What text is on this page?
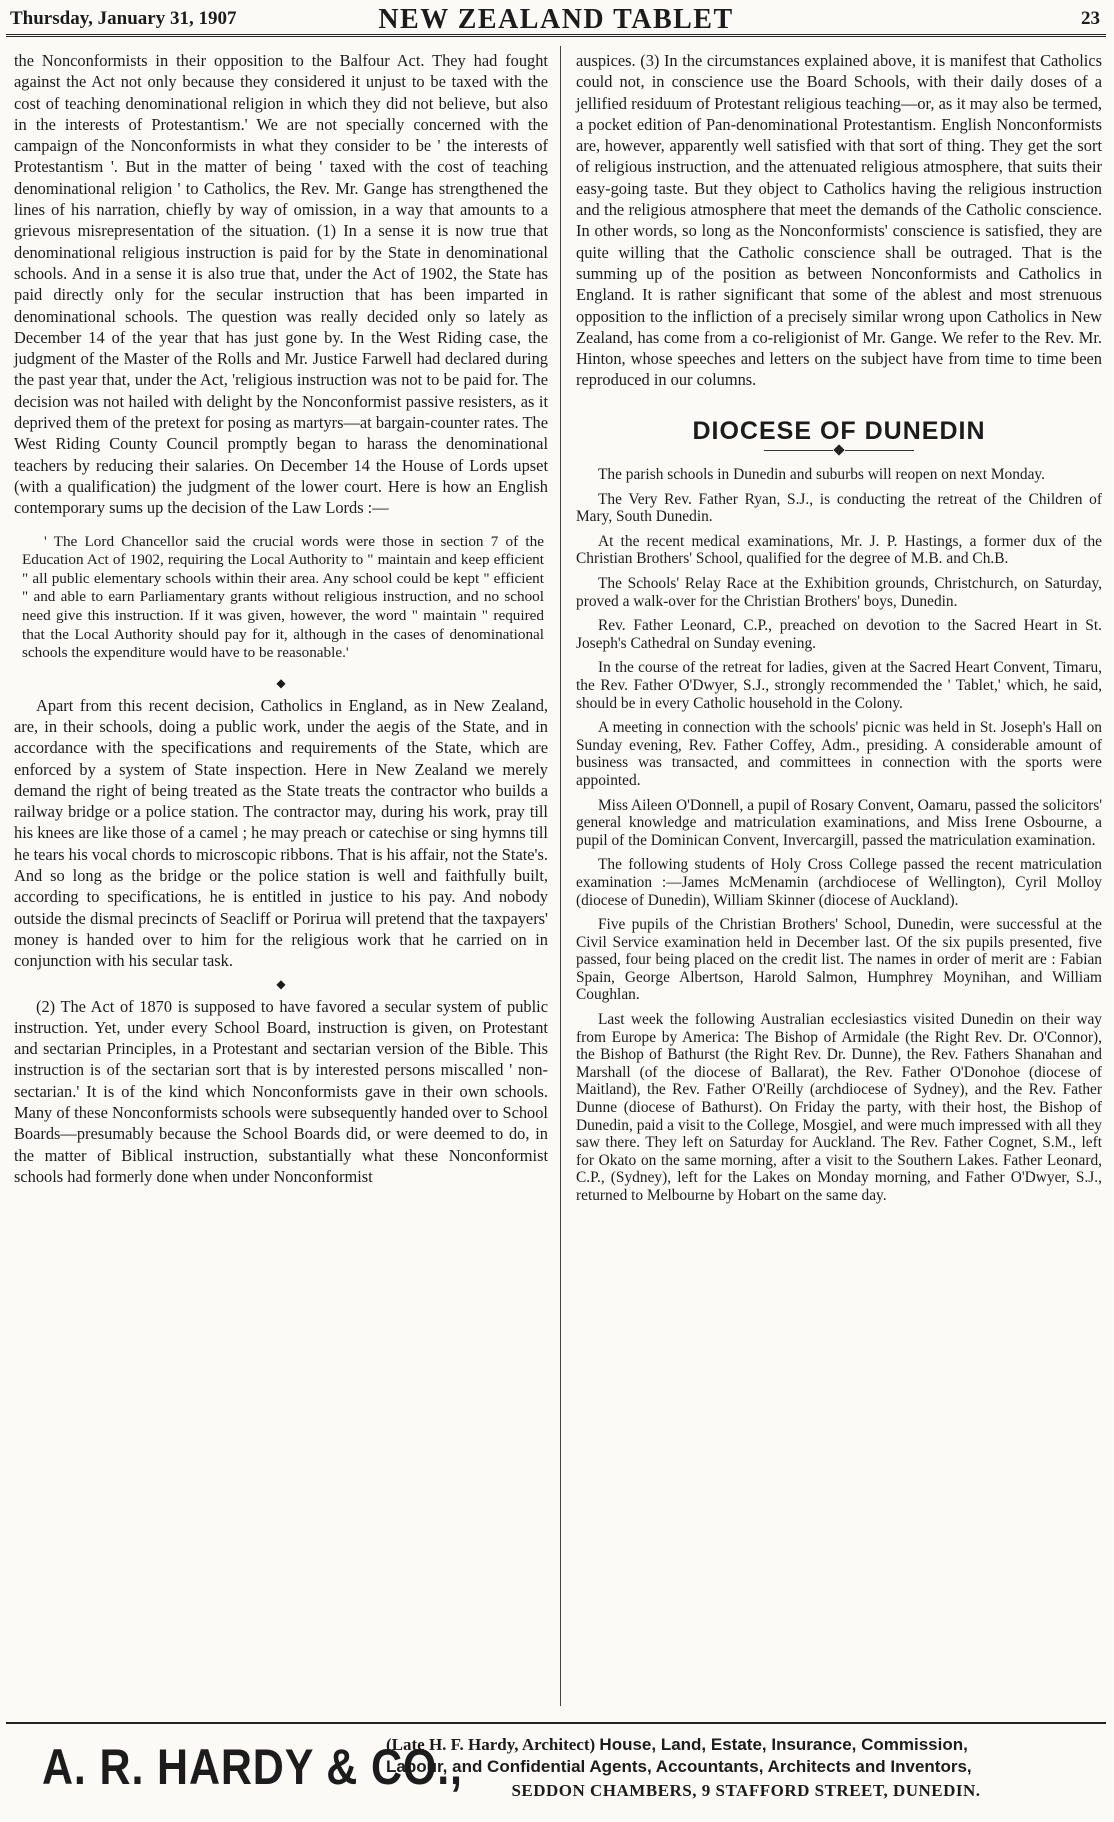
Thursday, January 31, 1907	NEW ZEALAND TABLET	23

the Nonconformists in their opposition to the Balfour Act. They had fought against the Act not only because they considered it unjust to be taxed with the cost of teaching denominational religion in which they did not believe, but also in the interests of Protestantism.' We are not specially concerned with the campaign of the Nonconformists in what they consider to be ' the interests of Protestantism '. But in the matter of being ' taxed with the cost of teaching denominational religion ' to Catholics, the Rev. Mr. Gange has strengthened the lines of his narration, chiefly by way of omission, in a way that amounts to a grievous misrepresentation of the situation. (1) In a sense it is now true that denominational religious instruction is paid for by the State in denominational schools. And in a sense it is also true that, under the Act of 1902, the State has paid directly only for the secular instruction that has been imparted in denominational schools. The question was really decided only so lately as December 14 of the year that has just gone by. In the West Riding case, the judgment of the Master of the Rolls and Mr. Justice Farwell had declared during the past year that, under the Act, 'religious instruction was not to be paid for. The decision was not hailed with delight by the Nonconformist passive resisters, as it deprived them of the pretext for posing as martyrs—at bargain-counter rates. The West Riding County Council promptly began to harass the denominational teachers by reducing their salaries. On December 14 the House of Lords upset (with a qualification) the judgment of the lower court. Here is how an English contemporary sums up the decision of the Law Lords :—

' The Lord Chancellor said the crucial words were those in section 7 of the Education Act of 1902, requiring the Local Authority to " maintain and keep efficient " all public elementary schools within their area. Any school could be kept " efficient " and able to earn Parliamentary grants without religious instruction, and no school need give this instruction. If it was given, however, the word " maintain " required that the Local Authority should pay for it, although in the cases of denominational schools the expenditure would have to be reasonable.'

◆

Apart from this recent decision, Catholics in England, as in New Zealand, are, in their schools, doing a public work, under the aegis of the State, and in accordance with the specifications and requirements of the State, which are enforced by a system of State inspection. Here in New Zealand we merely demand the right of being treated as the State treats the contractor who builds a railway bridge or a police station. The contractor may, during his work, pray till his knees are like those of a camel ; he may preach or catechise or sing hymns till he tears his vocal chords to microscopic ribbons. That is his affair, not the State's. And so long as the bridge or the police station is well and faithfully built, according to specifications, he is entitled in justice to his pay. And nobody outside the dismal precincts of Seacliff or Porirua will pretend that the taxpayers' money is handed over to him for the religious work that he carried on in conjunction with his secular task.

◆

(2) The Act of 1870 is supposed to have favored a secular system of public instruction. Yet, under every School Board, instruction is given, on Protestant and sectarian Principles, in a Protestant and sectarian version of the Bible. This instruction is of the sectarian sort that is by interested persons miscalled ' non-sectarian.' It is of the kind which Nonconformists gave in their own schools. Many of these Nonconformists schools were subsequently handed over to School Boards—presumably because the School Boards did, or were deemed to do, in the matter of Biblical instruction, substantially what these Nonconformist schools had formerly done when under Nonconformist

auspices. (3) In the circumstances explained above, it is manifest that Catholics could not, in conscience use the Board Schools, with their daily doses of a jellified residuum of Protestant religious teaching—or, as it may also be termed, a pocket edition of Pan-denominational Protestantism. English Nonconformists are, however, apparently well satisfied with that sort of thing. They get the sort of religious instruction, and the attenuated religious atmosphere, that suits their easy-going taste. But they object to Catholics having the religious instruction and the religious atmosphere that meet the demands of the Catholic conscience. In other words, so long as the Nonconformists' conscience is satisfied, they are quite willing that the Catholic conscience shall be outraged. That is the summing up of the position as between Nonconformists and Catholics in England. It is rather significant that some of the ablest and most strenuous opposition to the infliction of a precisely similar wrong upon Catholics in New Zealand, has come from a co-religionist of Mr. Gange. We refer to the Rev. Mr. Hinton, whose speeches and letters on the subject have from time to time been reproduced in our columns.

DIOCESE OF DUNEDIN

The parish schools in Dunedin and suburbs will reopen on next Monday.

The Very Rev. Father Ryan, S.J., is conducting the retreat of the Children of Mary, South Dunedin.

At the recent medical examinations, Mr. J. P. Hastings, a former dux of the Christian Brothers' School, qualified for the degree of M.B. and Ch.B.

The Schools' Relay Race at the Exhibition grounds, Christchurch, on Saturday, proved a walk-over for the Christian Brothers' boys, Dunedin.

Rev. Father Leonard, C.P., preached on devotion to the Sacred Heart in St. Joseph's Cathedral on Sunday evening.

In the course of the retreat for ladies, given at the Sacred Heart Convent, Timaru, the Rev. Father O'Dwyer, S.J., strongly recommended the ' Tablet,' which, he said, should be in every Catholic household in the Colony.

A meeting in connection with the schools' picnic was held in St. Joseph's Hall on Sunday evening, Rev. Father Coffey, Adm., presiding. A considerable amount of business was transacted, and committees in connection with the sports were appointed.

Miss Aileen O'Donnell, a pupil of Rosary Convent, Oamaru, passed the solicitors' general knowledge and matriculation examinations, and Miss Irene Osbourne, a pupil of the Dominican Convent, Invercargill, passed the matriculation examination.

The following students of Holy Cross College passed the recent matriculation examination :—James McMenamin (archdiocese of Wellington), Cyril Molloy (diocese of Dunedin), William Skinner (diocese of Auckland).

Five pupils of the Christian Brothers' School, Dunedin, were successful at the Civil Service examination held in December last. Of the six pupils presented, five passed, four being placed on the credit list. The names in order of merit are : Fabian Spain, George Albertson, Harold Salmon, Humphrey Moynihan, and William Coughlan.

Last week the following Australian ecclesiastics visited Dunedin on their way from Europe by America: The Bishop of Armidale (the Right Rev. Dr. O'Connor), the Bishop of Bathurst (the Right Rev. Dr. Dunne), the Rev. Fathers Shanahan and Marshall (of the diocese of Ballarat), the Rev. Father O'Donohoe (diocese of Maitland), the Rev. Father O'Reilly (archdiocese of Sydney), and the Rev. Father Dunne (diocese of Bathurst). On Friday the party, with their host, the Bishop of Dunedin, paid a visit to the College, Mosgiel, and were much impressed with all they saw there. They left on Saturday for Auckland. The Rev. Father Cognet, S.M., left for Okato on the same morning, after a visit to the Southern Lakes. Father Leonard, C.P., (Sydney), left for the Lakes on Monday morning, and Father O'Dwyer, S.J., returned to Melbourne by Hobart on the same day.

A. R. HARDY & CO.,
(Late H. F. Hardy, Architect) House, Land, Estate, Insurance, Commission,
Labour, and Confidential Agents, Accountants, Architects and Inventors,
SEDDON CHAMBERS, 9 STAFFORD STREET, DUNEDIN.
